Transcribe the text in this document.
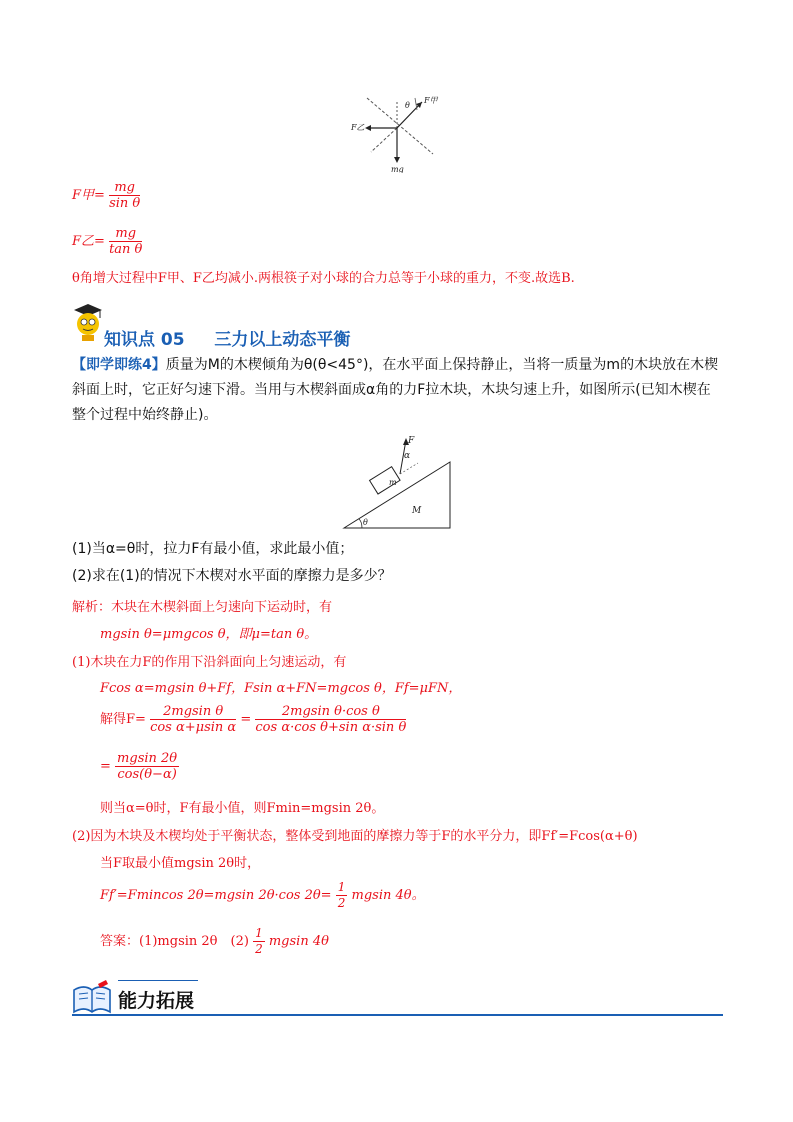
θ
F甲
F乙
mg
F甲= $\frac{mg}{\text{sin θ}}$
F乙= $\frac{mg}{\text{tan θ}}$
θ角增大过程中F甲、F乙均减小.两根筷子对小球的合力总等于小球的重力，不变.故选B.
知识点 05 三力以上动态平衡
【即学即练4】质量为M的木楔倾角为θ(θ<45°)，在水平面上保持静止，当将一质量为m的木块放在木楔
斜面上时，它正好匀速下滑。当用与木楔斜面成α角的力F拉木块，木块匀速上升，如图所示(已知木楔在
整个过程中始终静止)。
F
α
m
M
θ
(1)当α=θ时，拉力F有最小值，求此最小值；
(2)求在(1)的情况下木楔对水平面的摩擦力是多少？
解析：木块在木楔斜面上匀速向下运动时，有
mgsin θ=μmgcos θ，即μ=tan θ。
(1)木块在力F的作用下沿斜面向上匀速运动，有
Fcos α=mgsin θ+Ff，Fsin α+FN=mgcos θ，Ff=μFN，
解得$F= \frac{\text{2mgsin θ}}{\text{cos α+μsin α}} = \frac{\text{2mgsin θ·cos θ}}{\text{cos α·cos θ+sin α·sin θ}}$
= $\frac{mgsin 2\theta}{\cos(\theta-\alpha)}$
则当α=θ时，F有最小值，则Fmin=mgsin 2θ。
(2)因为木块及木楔均处于平衡状态，整体受到地面的摩擦力等于F的水平分力，即Ff′=Fcos(α+θ)
当F取最小值mgsin 2θ时，
Ff′=Fmincos 2θ=mgsin 2θ·cos $2\theta= \frac{1}{2}$ mgsin 4θ。
答案：(1)mgsin 2θ　$(2) \frac{1}{2}$ mgsin 4θ
能力拓展
